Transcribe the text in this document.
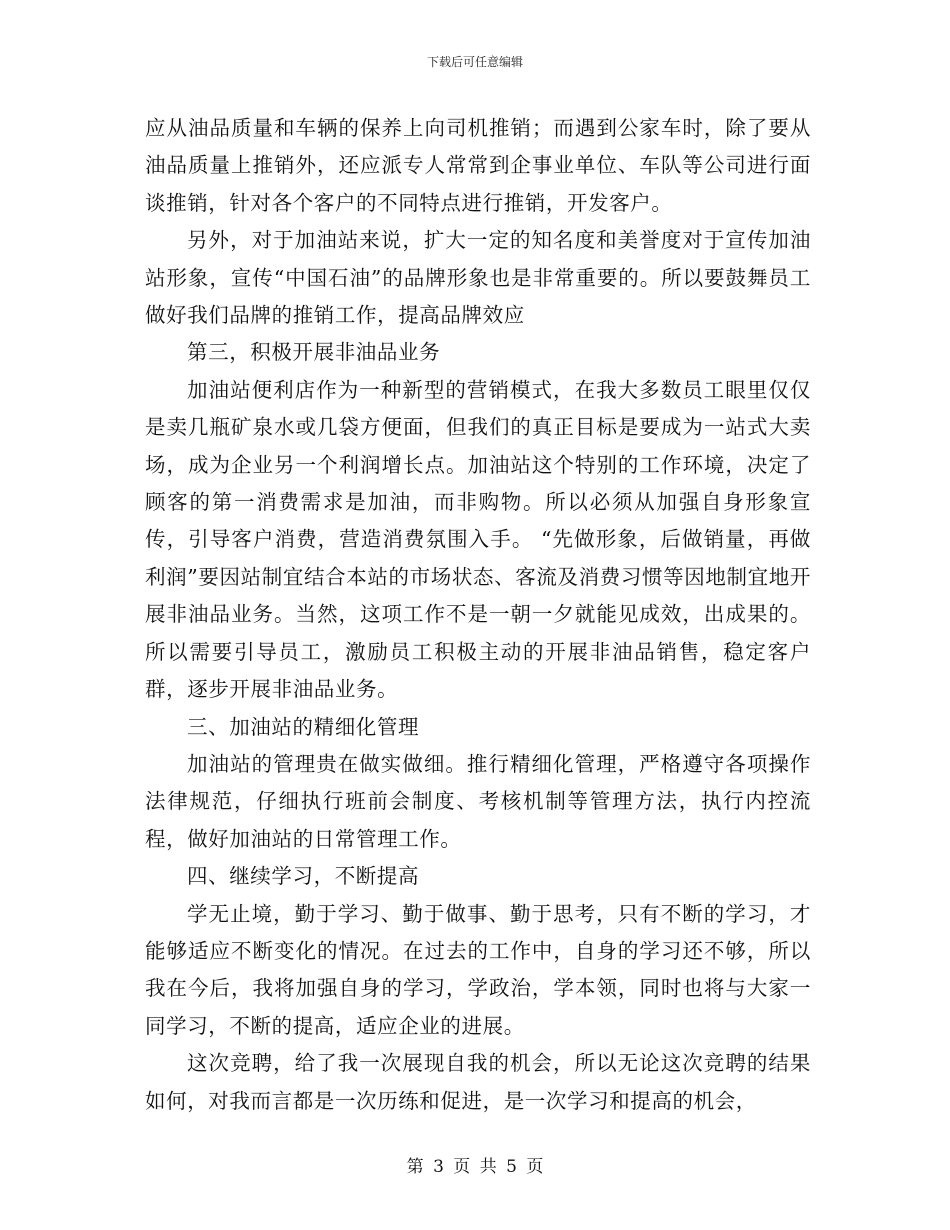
下载后可任意编辑

应从油品质量和车辆的保养上向司机推销；而遇到公家车时，除了要从油品质量上推销外，还应派专人常常到企事业单位、车队等公司进行面谈推销，针对各个客户的不同特点进行推销，开发客户。

另外，对于加油站来说，扩大一定的知名度和美誉度对于宣传加油站形象，宣传“中国石油”的品牌形象也是非常重要的。所以要鼓舞员工做好我们品牌的推销工作，提高品牌效应

第三，积极开展非油品业务

加油站便利店作为一种新型的营销模式，在我大多数员工眼里仅仅是卖几瓶矿泉水或几袋方便面，但我们的真正目标是要成为一站式大卖场，成为企业另一个利润增长点。加油站这个特别的工作环境，决定了顾客的第一消费需求是加油，而非购物。所以必须从加强自身形象宣传，引导客户消费，营造消费氛围入手。 “先做形象，后做销量，再做利润”要因站制宜结合本站的市场状态、客流及消费习惯等因地制宜地开展非油品业务。当然，这项工作不是一朝一夕就能见成效，出成果的。所以需要引导员工，激励员工积极主动的开展非油品销售，稳定客户群，逐步开展非油品业务。

三、加油站的精细化管理

加油站的管理贵在做实做细。推行精细化管理，严格遵守各项操作法律规范，仔细执行班前会制度、考核机制等管理方法，执行内控流程，做好加油站的日常管理工作。

四、继续学习，不断提高

学无止境，勤于学习、勤于做事、勤于思考，只有不断的学习，才能够适应不断变化的情况。在过去的工作中，自身的学习还不够，所以我在今后，我将加强自身的学习，学政治，学本领，同时也将与大家一同学习，不断的提高，适应企业的进展。

这次竞聘，给了我一次展现自我的机会，所以无论这次竞聘的结果如何，对我而言都是一次历练和促进，是一次学习和提高的机会，

第 3 页 共 5 页
